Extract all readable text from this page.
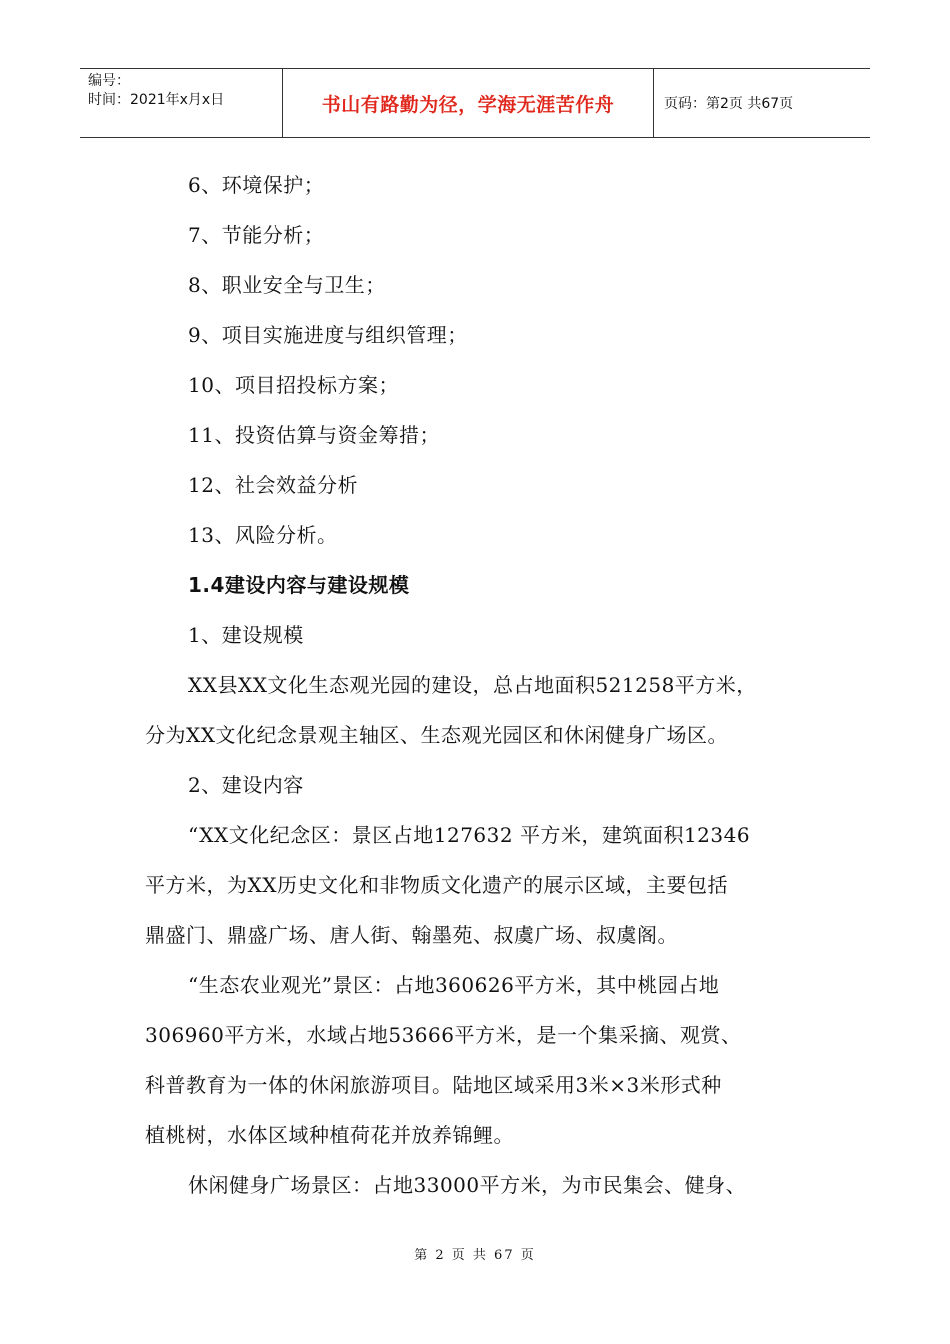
编号：
时间：2021年x月x日	书山有路勤为径，学海无涯苦作舟	页码：第2页 共67页
6、环境保护；
7、节能分析；
8、职业安全与卫生；
9、项目实施进度与组织管理；
10、项目招投标方案；
11、投资估算与资金筹措；
12、社会效益分析
13、风险分析。
1.4建设内容与建设规模
1、建设规模
XX县XX文化生态观光园的建设，总占地面积521258平方米，
分为XX文化纪念景观主轴区、生态观光园区和休闲健身广场区。
2、建设内容
“XX文化纪念区：景区占地127632 平方米，建筑面积12346
平方米，为XX历史文化和非物质文化遗产的展示区域，主要包括
鼎盛门、鼎盛广场、唐人街、翰墨苑、叔虞广场、叔虞阁。
“生态农业观光”景区：占地360626平方米，其中桃园占地
306960平方米，水域占地53666平方米，是一个集采摘、观赏、
科普教育为一体的休闲旅游项目。陆地区域采用3米×3米形式种
植桃树，水体区域种植荷花并放养锦鲤。
休闲健身广场景区：占地33000平方米，为市民集会、健身、
第 2 页 共 67 页
